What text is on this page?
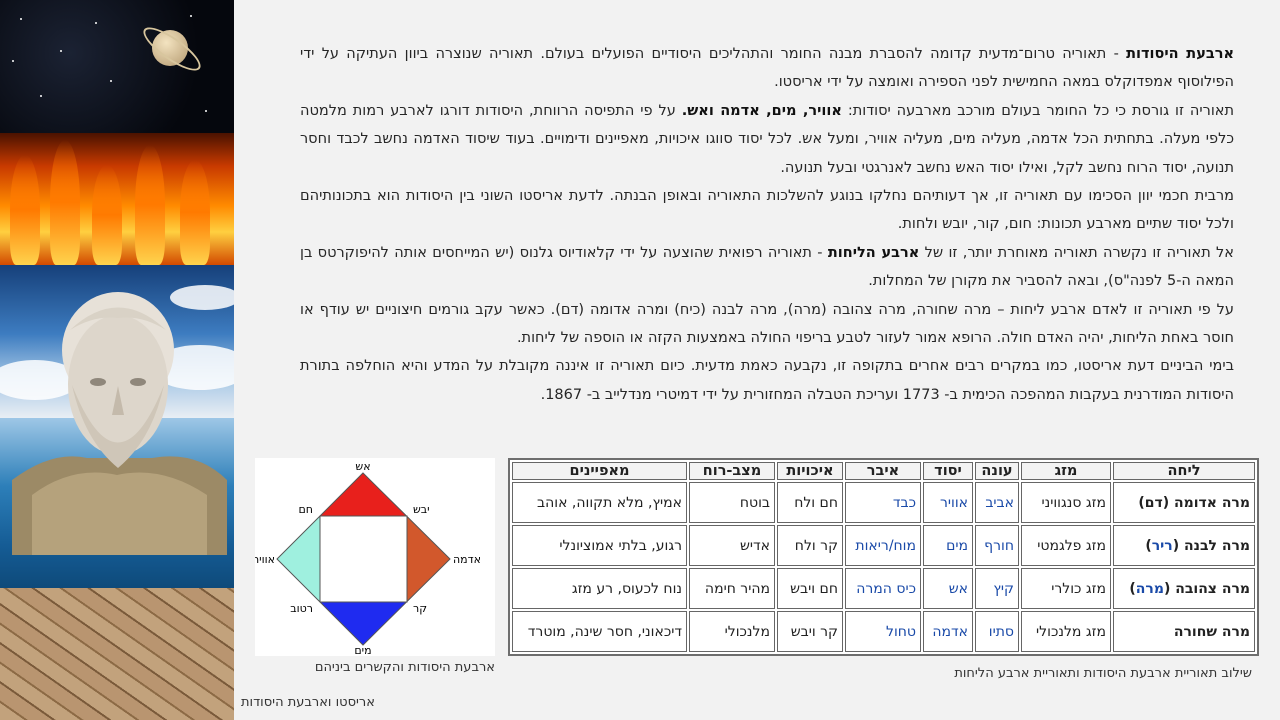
ארבעת היסודות - תאוריה טרום־מדעית קדומה להסברת מבנה החומר והתהליכים היסודיים הפועלים בעולם. תאוריה שנוצרה ביוון העתיקה על ידי הפילוסוף אמפדוקלס במאה החמישית לפני הספירה ואומצה על ידי אריסטו.

תאוריה זו גורסת כי כל החומר בעולם מורכב מארבעה יסודות: אוויר, מים, אדמה ואש. על פי התפיסה הרווחת, היסודות דורגו לארבע רמות מלמטה כלפי מעלה. בתחתית הכל אדמה, מעליה מים, מעליה אוויר, ומעל אש. לכל יסוד סווגו איכויות, מאפיינים ודימויים. בעוד שיסוד האדמה נחשב לכבד וחסר תנועה, יסוד הרוח נחשב לקל, ואילו יסוד האש נחשב לאנרגטי ובעל תנועה.

מרבית חכמי יוון הסכימו עם תאוריה זו, אך דעותיהם נחלקו בנוגע להשלכות התאוריה ובאופן הבנתה. לדעת אריסטו השוני בין היסודות הוא בתכונותיהם ולכל יסוד שתיים מארבע תכונות: חום, קור, יובש ולחות.

אל תאוריה זו נקשרה תאוריה מאוחרת יותר, זו של ארבע הליחות - תאוריה רפואית שהוצעה על ידי קלאודיוס גלנוס (יש המייחסים אותה להיפוקרטס בן המאה ה-5 לפנה"ס), ובאה להסביר את מקורן של המחלות.

על פי תאוריה זו לאדם ארבע ליחות – מרה שחורה, מרה צהובה (מרה), מרה לבנה (כיח) ומרה אדומה (דם). כאשר עקב גורמים חיצוניים יש עודף או חוסר באחת הליחות, יהיה האדם חולה. הרופא אמור לעזור לטבע בריפוי החולה באמצעות הקזה או הוספה של ליחות.

בימי הביניים דעת אריסטו, כמו במקרים רבים אחרים בתקופה זו, נקבעה כאמת מדעית. כיום תאוריה זו איננה מקובלת על המדע והיא הוחלפה בתורת היסודות המודרנית בעקבות המהפכה הכימית ב- 1773 ועריכת הטבלה המחזורית על ידי דמיטרי מנדלייב ב- 1867.

אש
מים
אוויר	אדמה
חם	יבש
רטוב	קר
ארבעת היסודות והקשרים ביניהם
אריסטו וארבעת היסודות
ליחה	מזג	עונה	יסוד	איבר	איכויות	מצב-רוח	מאפיינים
מרה אדומה (דם)	מזג סנגוויני	אביב	אוויר	כבד	חם ולח	בוטח	אמיץ, מלא תקווה, אוהב
מרה לבנה (ריר)	מזג פלגמטי	חורף	מים	מוח/ריאות	קר ולח	אדיש	רגוע, בלתי אמוציונלי
מרה צהובה (מרה)	מזג כולרי	קיץ	אש	כיס המרה	חם ויבש	מהיר חימה	נוח לכעוס, רע מזג
מרה שחורה	מזג מלנכולי	סתיו	אדמה	טחול	קר ויבש	מלנכולי	דיכאוני, חסר שינה, מוטרד
שילוב תאוריית ארבעת היסודות ותאוריית ארבע הליחות
